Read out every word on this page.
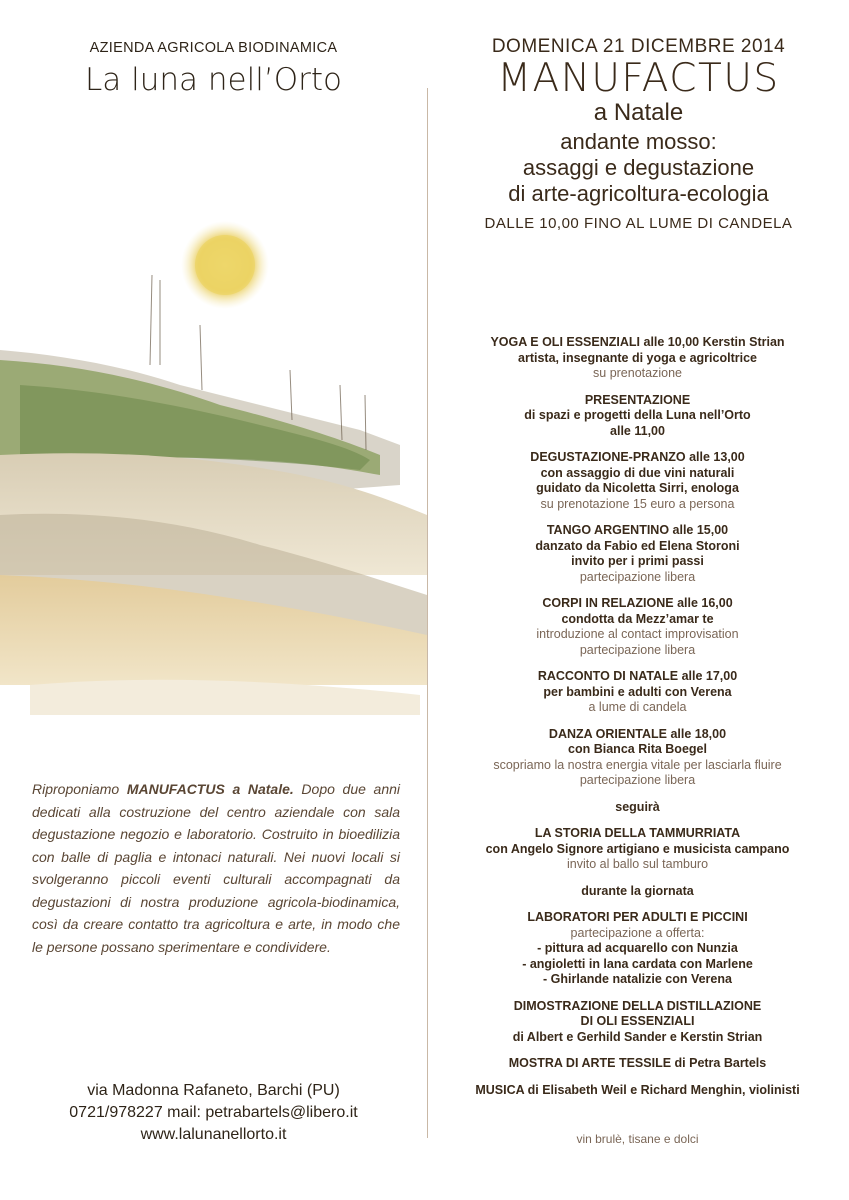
AZIENDA AGRICOLA BIODINAMICA
La luna nell’Orto
Riproponiamo MANUFACTUS a Natale. Dopo due anni dedicati alla costruzione del centro aziendale con sala degustazione negozio e laboratorio. Costruito in bioedilizia con balle di paglia e intonaci naturali. Nei nuovi locali si svolgeranno piccoli eventi culturali accompagnati da degustazioni di nostra produzione agricola-biodinamica, così da creare contatto tra agricoltura e arte, in modo che le persone possano sperimentare e condividere.
via Madonna Rafaneto, Barchi (PU)
0721/978227 mail: petrabartels@libero.it
www.lalunanellorto.it
DOMENICA 21 DICEMBRE 2014
MANUFACTUS
a Natale
andante mosso:
assaggi e degustazione
di arte-agricoltura-ecologia
DALLE 10,00 FINO AL LUME DI CANDELA
YOGA E OLI ESSENZIALI alle 10,00 Kerstin Strian
artista, insegnante di yoga e agricoltrice
su prenotazione
PRESENTAZIONE
di spazi e progetti della Luna nell’Orto
alle 11,00
DEGUSTAZIONE-PRANZO alle 13,00
con assaggio di due vini naturali
guidato da Nicoletta Sirri, enologa
su prenotazione 15 euro a persona
TANGO ARGENTINO alle 15,00
danzato da Fabio ed Elena Storoni
invito per i primi passi
partecipazione libera
CORPI IN RELAZIONE alle 16,00
condotta da Mezz’amar te
introduzione al contact improvisation
partecipazione libera
RACCONTO DI NATALE alle 17,00
per bambini e adulti con Verena
a lume di candela
DANZA ORIENTALE alle 18,00
con Bianca Rita Boegel
scopriamo la nostra energia vitale per lasciarla fluire
partecipazione libera
seguirà
LA STORIA DELLA TAMMURRIATA
con Angelo Signore artigiano e musicista campano
invito al ballo sul tamburo
durante la giornata
LABORATORI PER ADULTI E PICCINI
partecipazione a offerta:
- pittura ad acquarello con Nunzia
- angioletti in lana cardata con Marlene
- Ghirlande natalizie con Verena
DIMOSTRAZIONE DELLA DISTILLAZIONE
DI OLI ESSENZIALI
di Albert e Gerhild Sander e Kerstin Strian
MOSTRA DI ARTE TESSILE di Petra Bartels
MUSICA di Elisabeth Weil e Richard Menghin, violinisti
vin brulè, tisane e dolci
